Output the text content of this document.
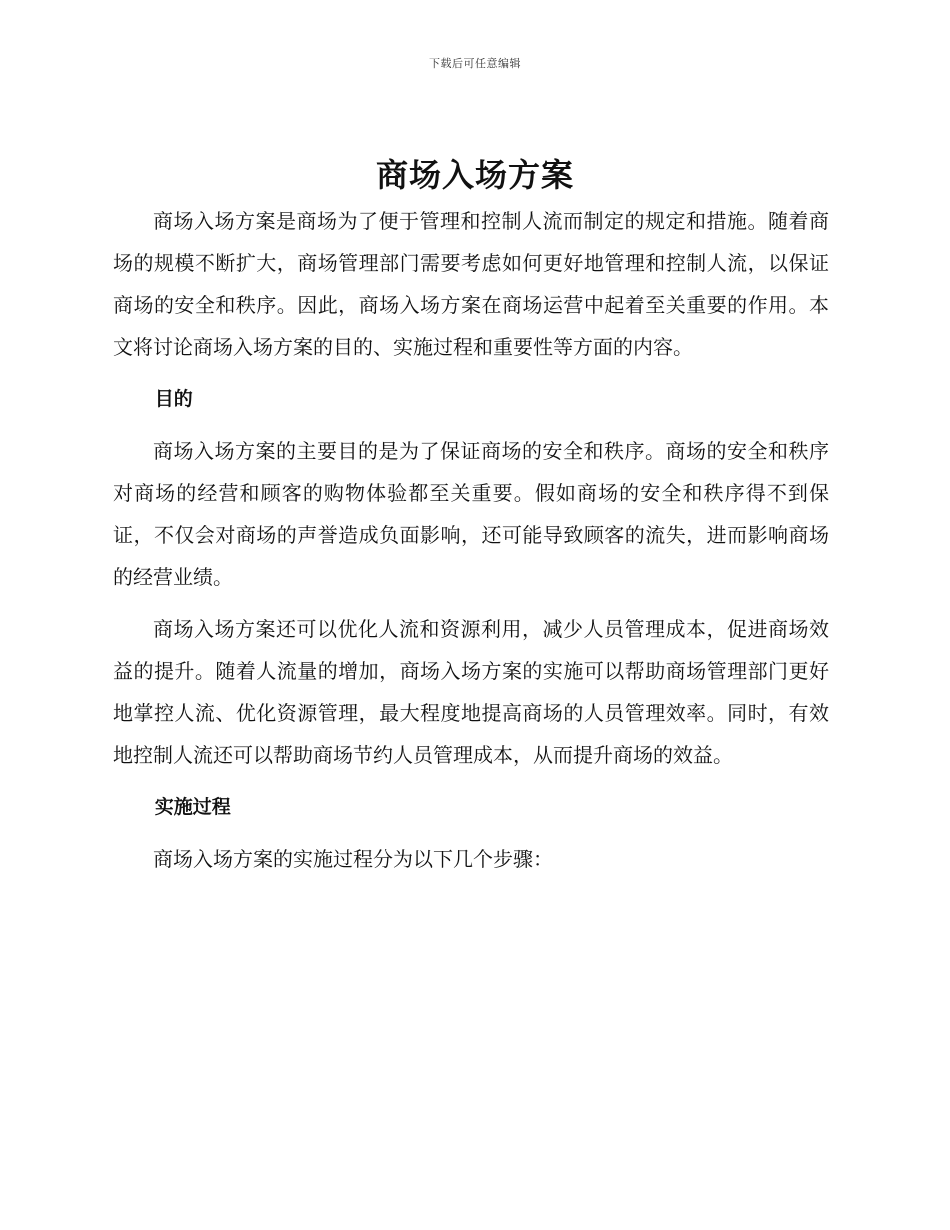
下载后可任意编辑
商场入场方案

商场入场方案是商场为了便于管理和控制人流而制定的规定和措施。随着商场的规模不断扩大，商场管理部门需要考虑如何更好地管理和控制人流，以保证商场的安全和秩序。因此，商场入场方案在商场运营中起着至关重要的作用。本文将讨论商场入场方案的目的、实施过程和重要性等方面的内容。

目的

商场入场方案的主要目的是为了保证商场的安全和秩序。商场的安全和秩序对商场的经营和顾客的购物体验都至关重要。假如商场的安全和秩序得不到保证，不仅会对商场的声誉造成负面影响，还可能导致顾客的流失，进而影响商场的经营业绩。

商场入场方案还可以优化人流和资源利用，减少人员管理成本，促进商场效益的提升。随着人流量的增加，商场入场方案的实施可以帮助商场管理部门更好地掌控人流、优化资源管理，最大程度地提高商场的人员管理效率。同时，有效地控制人流还可以帮助商场节约人员管理成本，从而提升商场的效益。

实施过程

商场入场方案的实施过程分为以下几个步骤：
